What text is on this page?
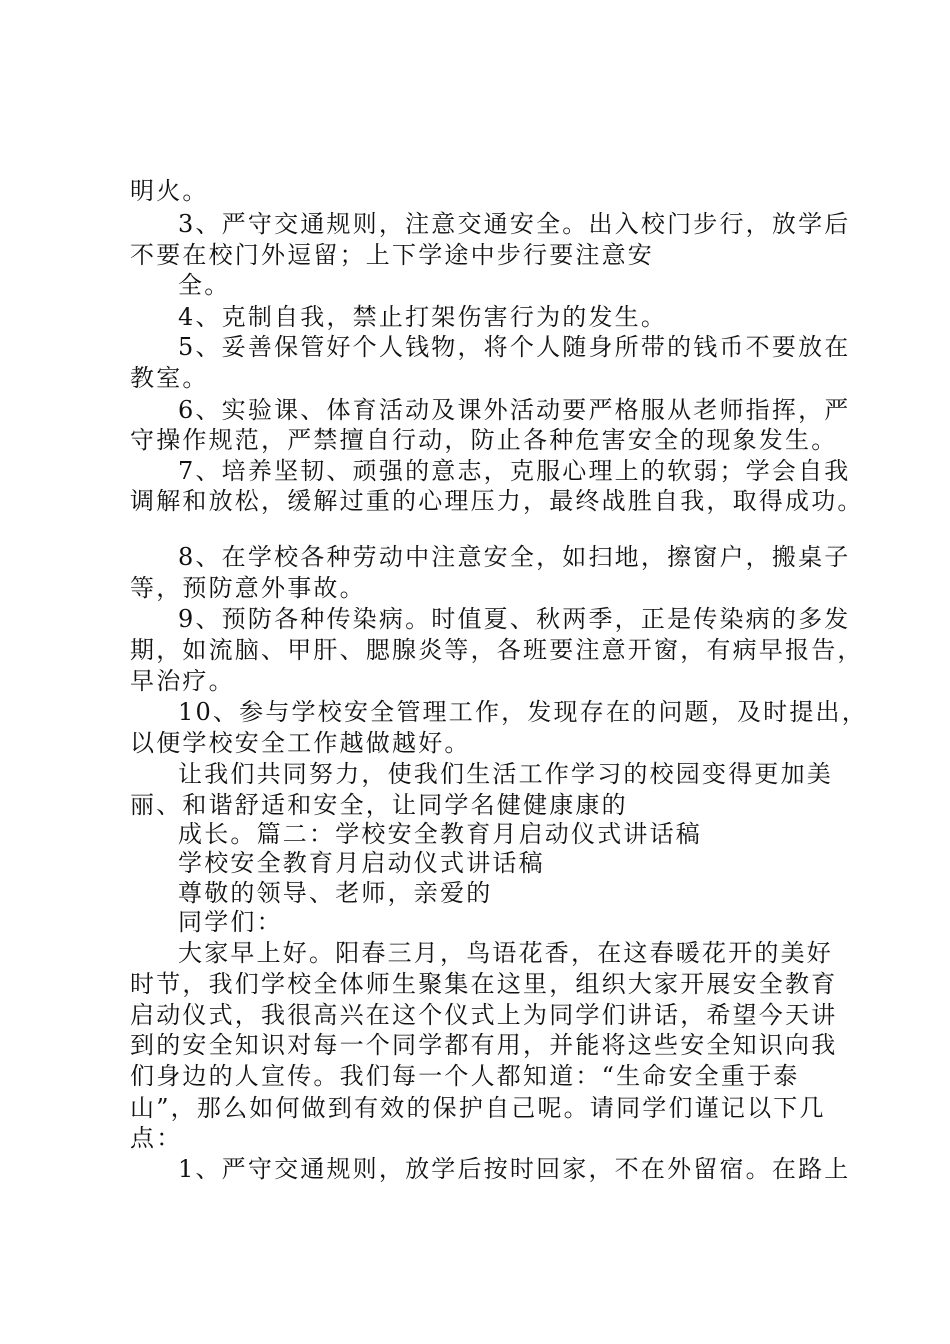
明火。
3、严守交通规则，注意交通安全。出入校门步行，放学后
不要在校门外逗留；上下学途中步行要注意安
全。
4、克制自我，禁止打架伤害行为的发生。
5、妥善保管好个人钱物，将个人随身所带的钱币不要放在
教室。
6、实验课、体育活动及课外活动要严格服从老师指挥，严
守操作规范，严禁擅自行动，防止各种危害安全的现象发生。
7、培养坚韧、顽强的意志，克服心理上的软弱；学会自我
调解和放松，缓解过重的心理压力，最终战胜自我，取得成功。
8、在学校各种劳动中注意安全，如扫地，擦窗户，搬桌子
等，预防意外事故。
9、预防各种传染病。时值夏、秋两季，正是传染病的多发
期，如流脑、甲肝、腮腺炎等，各班要注意开窗，有病早报告，
早治疗。
10、参与学校安全管理工作，发现存在的问题，及时提出，
以便学校安全工作越做越好。
让我们共同努力，使我们生活工作学习的校园变得更加美
丽、和谐舒适和安全，让同学名健健康康的
成长。篇二：学校安全教育月启动仪式讲话稿
学校安全教育月启动仪式讲话稿
尊敬的领导、老师，亲爱的
同学们：
大家早上好。阳春三月，鸟语花香，在这春暖花开的美好
时节，我们学校全体师生聚集在这里，组织大家开展安全教育
启动仪式，我很高兴在这个仪式上为同学们讲话，希望今天讲
到的安全知识对每一个同学都有用，并能将这些安全知识向我
们身边的人宣传。我们每一个人都知道：“生命安全重于泰
山”，那么如何做到有效的保护自己呢。请同学们谨记以下几
点：
1、严守交通规则，放学后按时回家，不在外留宿。在路上
